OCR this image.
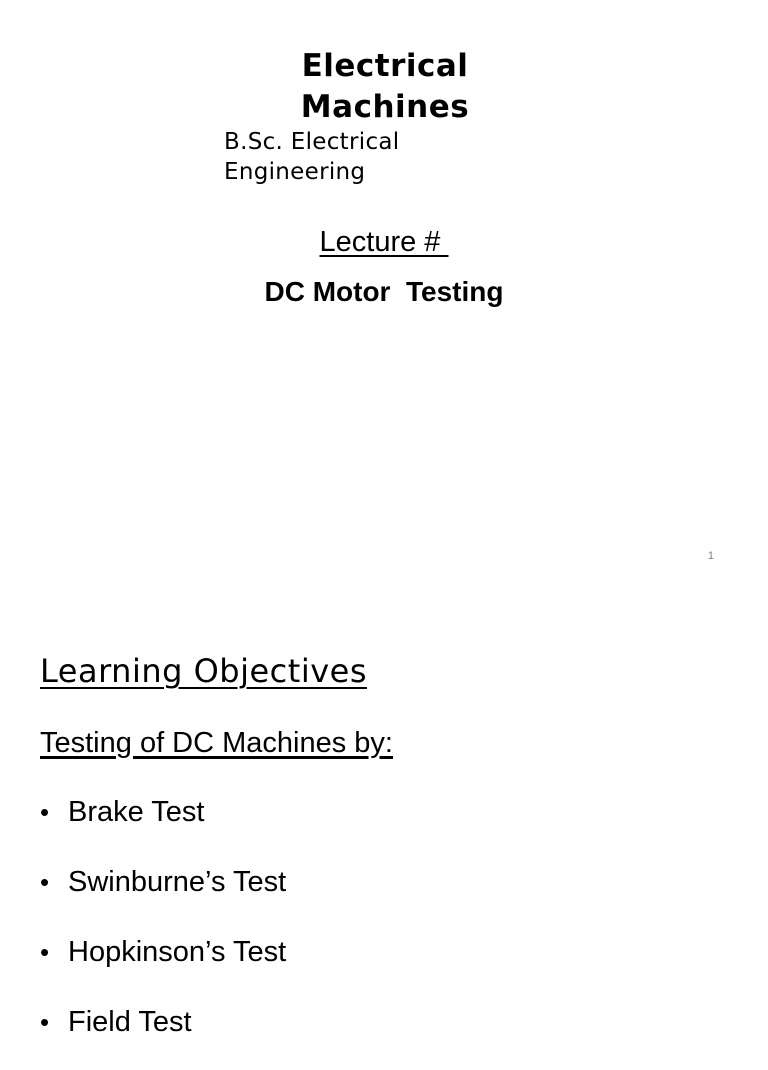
Electrical Machines
B.Sc. Electrical Engineering
Lecture #
DC Motor  Testing
1
Learning Objectives
Testing of DC Machines by:
• Brake Test
• Swinburne’s Test
• Hopkinson’s Test
• Field Test
